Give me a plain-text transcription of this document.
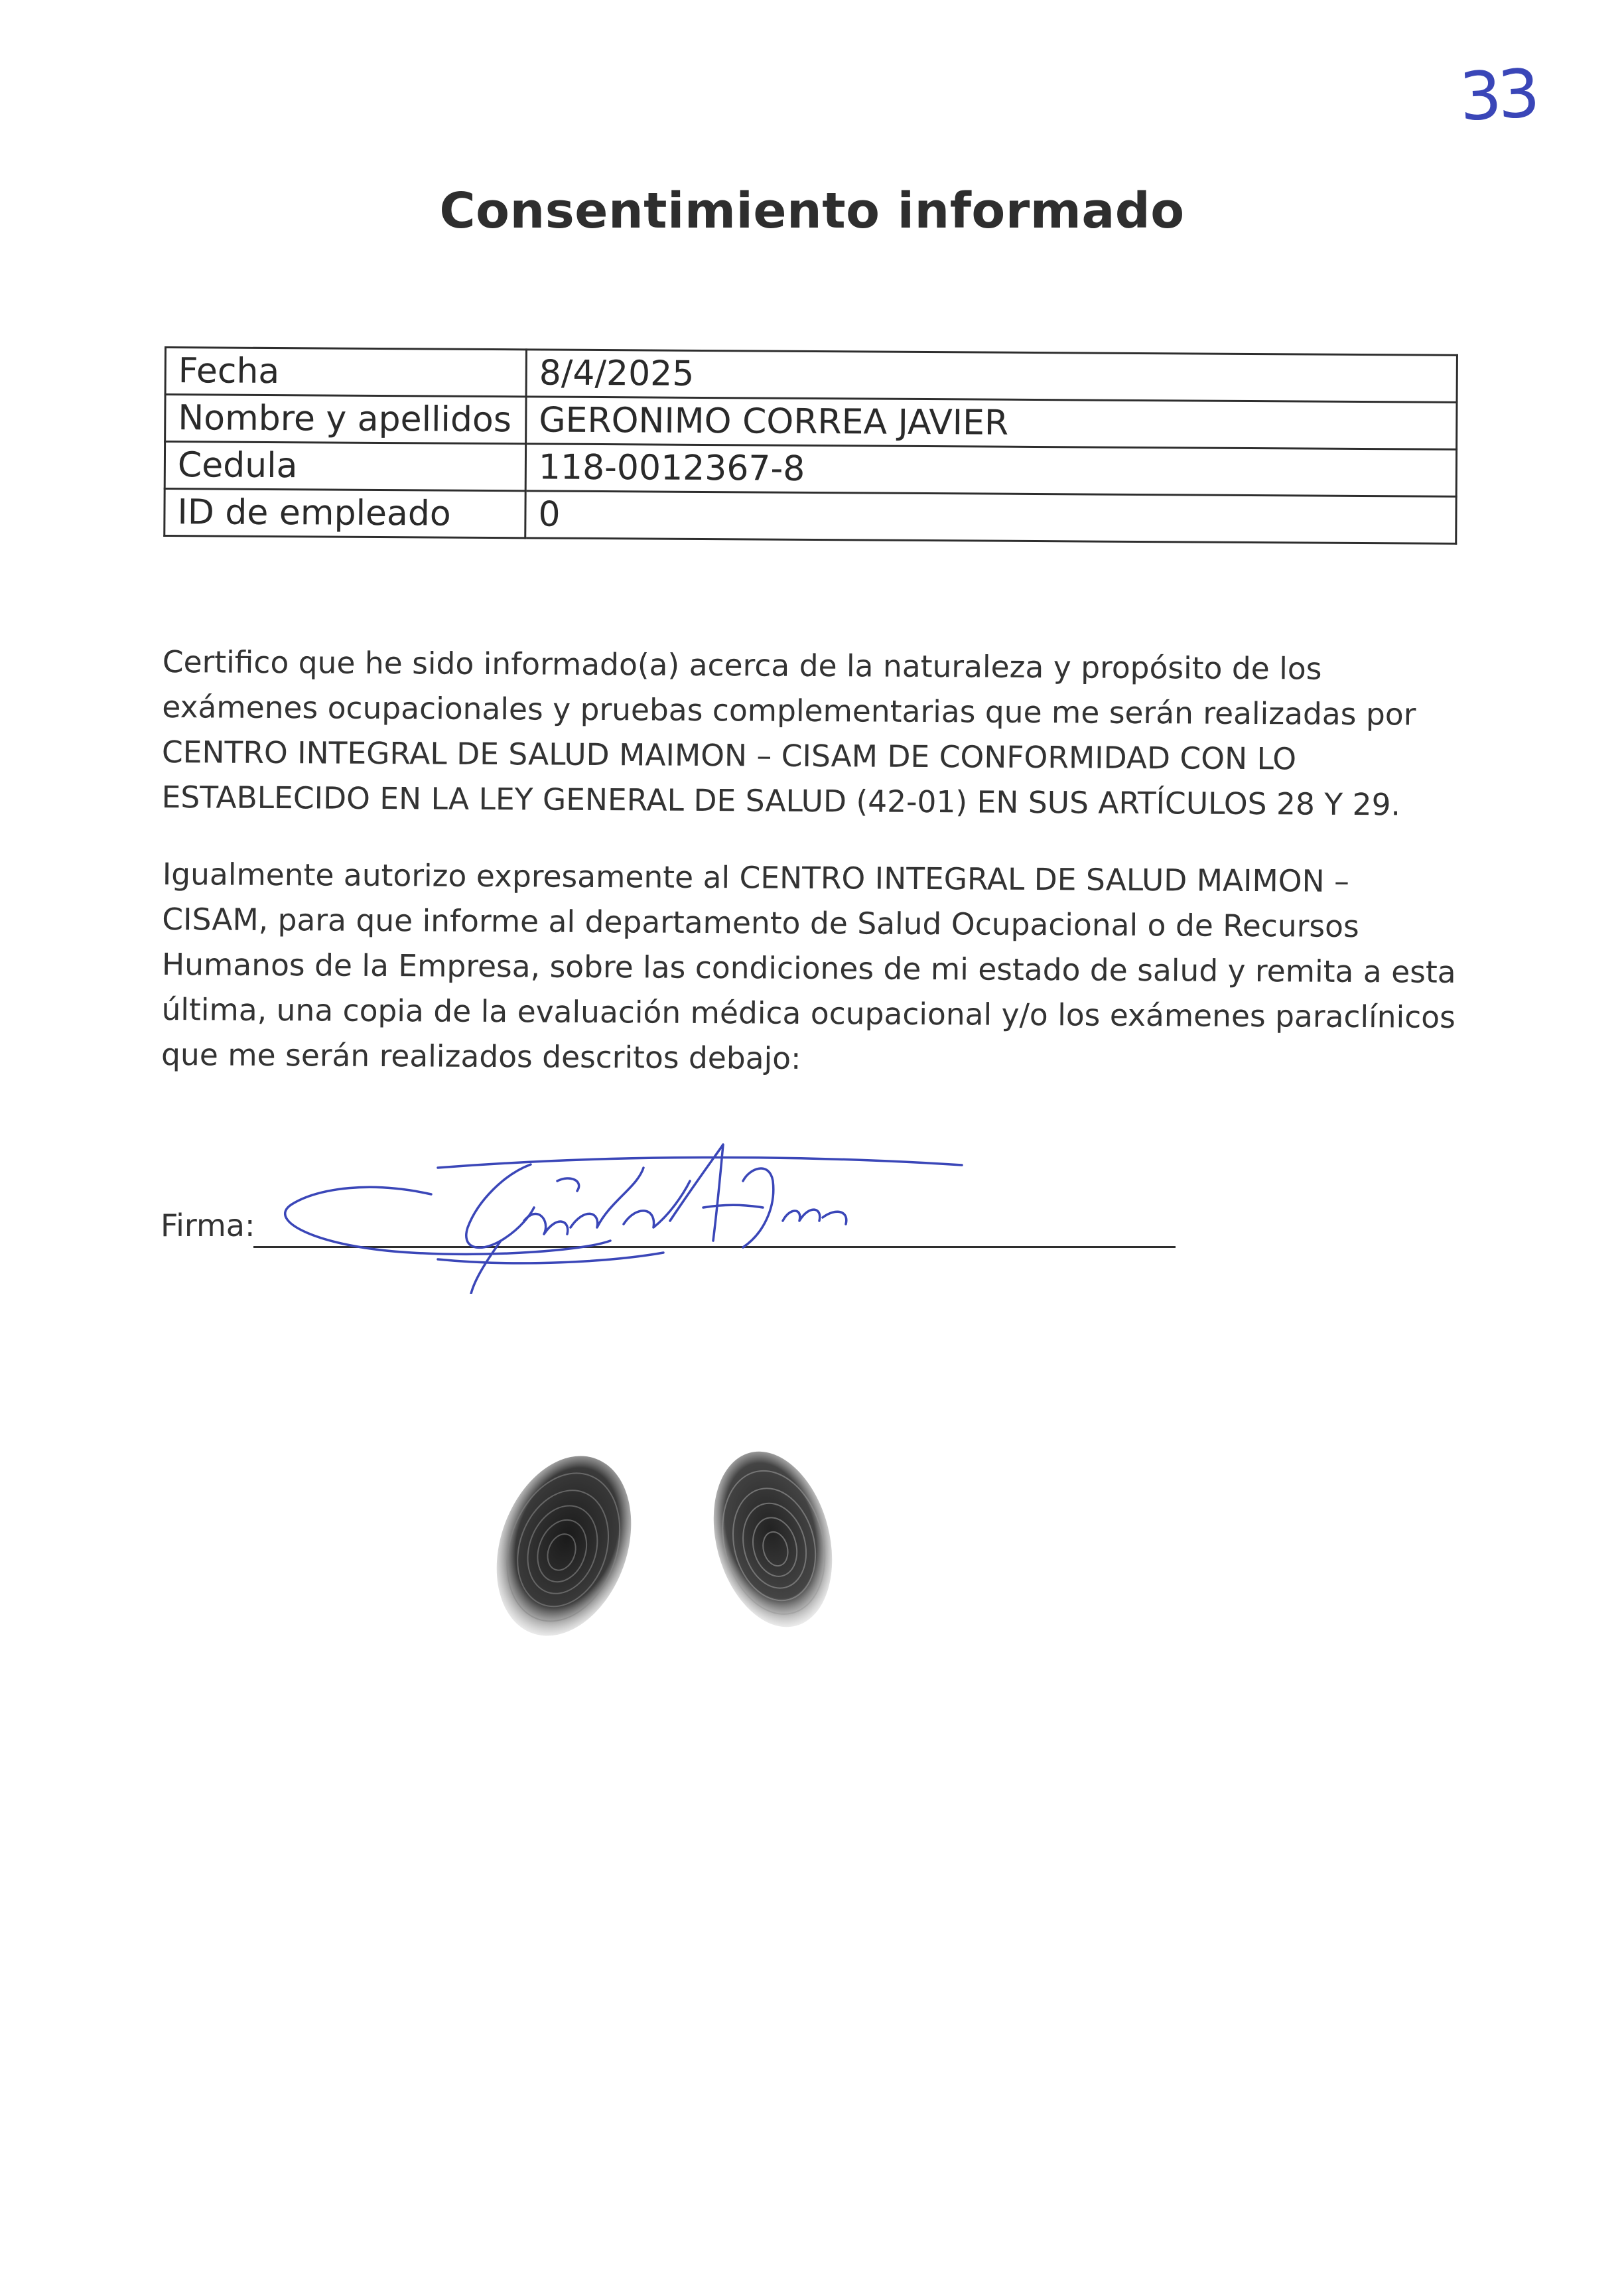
33
Consentimiento informado
Fecha	8/4/2025
Nombre y apellidos	GERONIMO CORREA JAVIER
Cedula	118-0012367-8
ID de empleado	0

Certifico que he sido informado(a) acerca de la naturaleza y propósito de los exámenes ocupacionales y pruebas complementarias que me serán realizadas por CENTRO INTEGRAL DE SALUD MAIMON – CISAM DE CONFORMIDAD CON LO ESTABLECIDO EN LA LEY GENERAL DE SALUD (42-01) EN SUS ARTÍCULOS 28 Y 29.

Igualmente autorizo expresamente al CENTRO INTEGRAL DE SALUD MAIMON – CISAM, para que informe al departamento de Salud Ocupacional o de Recursos Humanos de la Empresa, sobre las condiciones de mi estado de salud y remita a esta última, una copia de la evaluación médica ocupacional y/o los exámenes paraclínicos que me serán realizados descritos debajo:

Firma:
